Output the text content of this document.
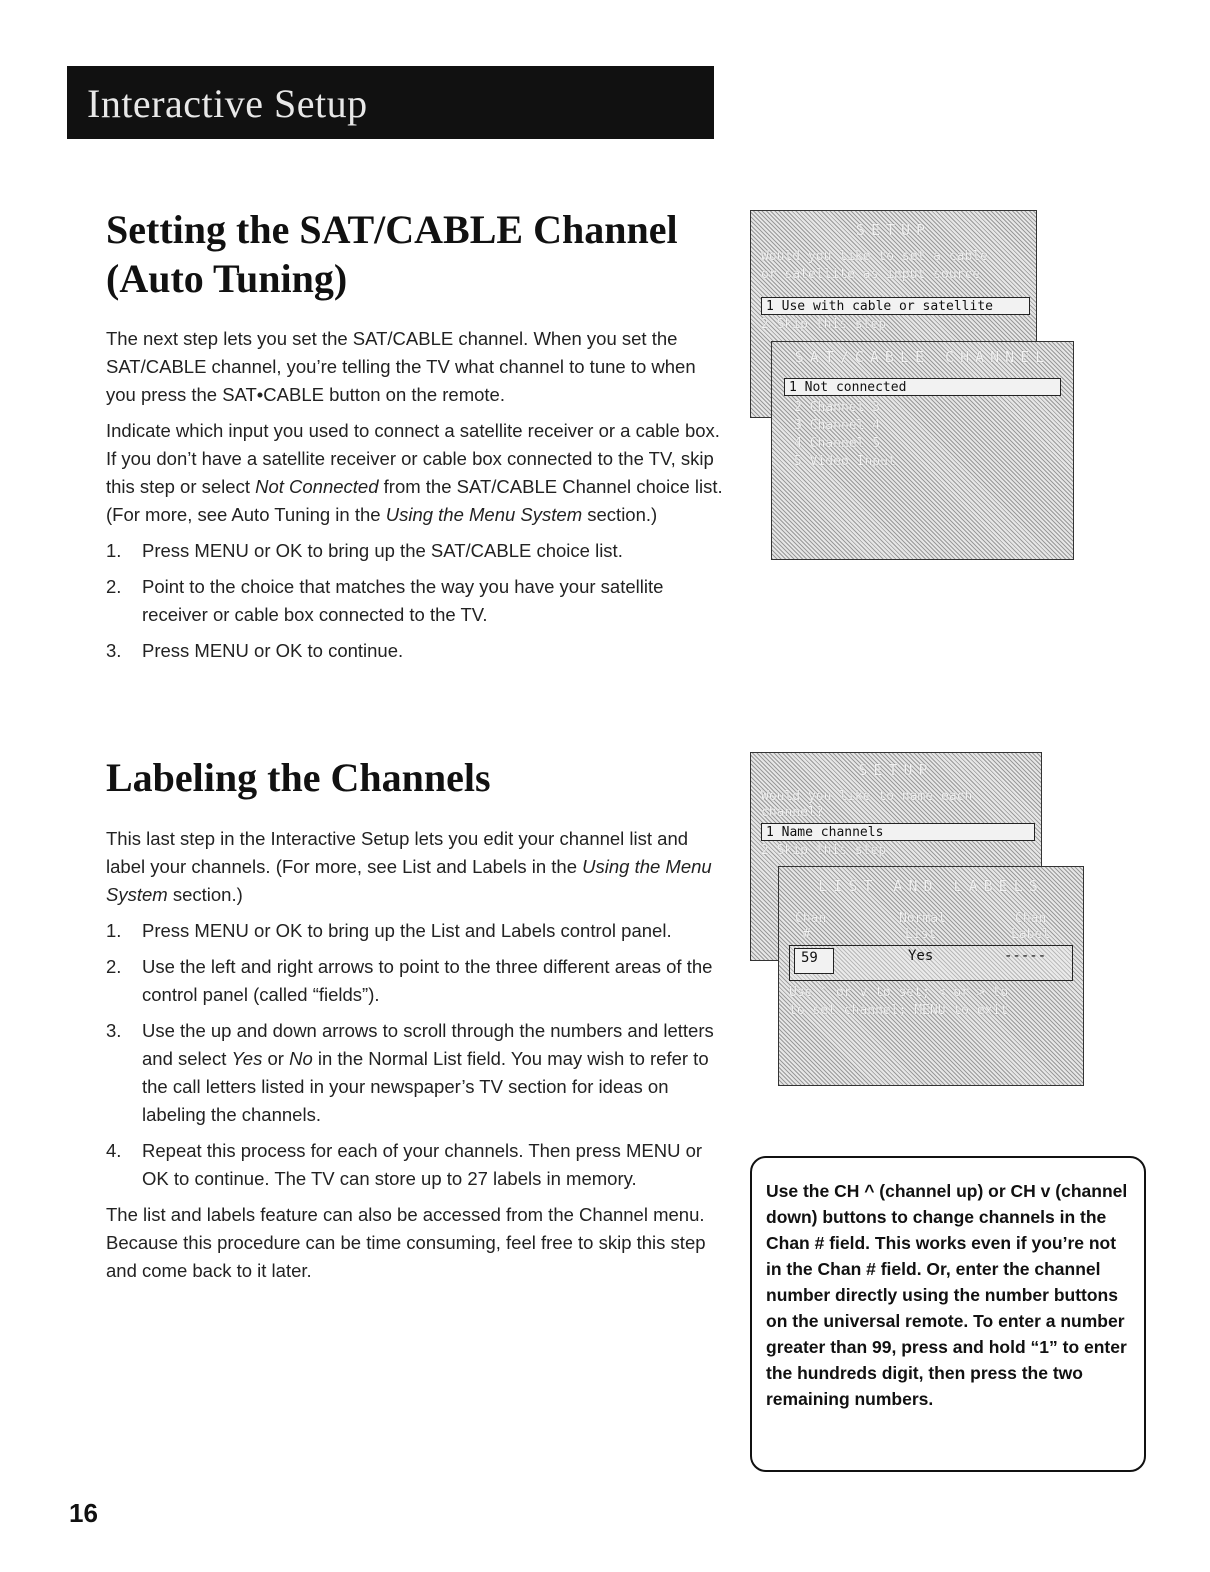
Interactive Setup
Setting the SAT/CABLE Channel (Auto Tuning)

The next step lets you set the SAT/CABLE channel. When you set the SAT/CABLE channel, you’re telling the TV what channel to tune to when you press the SAT•CABLE button on the remote.

Indicate which input you used to connect a satellite receiver or a cable box. If you don’t have a satellite receiver or cable box connected to the TV, skip this step or select Not Connected from the SAT/CABLE Channel choice list. (For more, see Auto Tuning in the Using the Menu System section.)

1. Press MENU or OK to bring up the SAT/CABLE choice list.
2. Point to the choice that matches the way you have your satellite receiver or cable box connected to the TV.
3. Press MENU or OK to continue.
SETUP
Would you like to set a cable
or satellite as input source
1 Use with cable or satellite
2 Skip this step
SAT/CABLE CHANNEL
1 Not connected
2 Channel 3
3 Channel 4
4 Channel 5
5 Video Input
Labeling the Channels

This last step in the Interactive Setup lets you edit your channel list and label your channels. (For more, see List and Labels in the Using the Menu System section.)

1. Press MENU or OK to bring up the List and Labels control panel.
2. Use the left and right arrows to point to the three different areas of the control panel (called “fields”).
3. Use the up and down arrows to scroll through the numbers and letters and select Yes or No in the Normal List field. You may wish to refer to the call letters listed in your newspaper’s TV section for ideas on labeling the channels.
4. Repeat this process for each of your channels. Then press MENU or OK to continue. The TV can store up to 27 labels in memory.

The list and labels feature can also be accessed from the Channel menu. Because this procedure can be time consuming, feel free to skip this step and come back to it later.

SETUP
Would you like to name each
channel?
1 Name channels
2 Skip this step
LIST AND LABELS
Chan
#
Normal
List
Chan
Label
59	Yes	-----
Use ^ or v to set; < or > to
to set channel; MENU to exit
Use the CH ^ (channel up) or CH v (channel down) buttons to change channels in the Chan # field. This works even if you’re not in the Chan # field. Or, enter the channel number directly using the number buttons on the universal remote. To enter a number greater than 99, press and hold “1” to enter the hundreds digit, then press the two remaining numbers.
16
